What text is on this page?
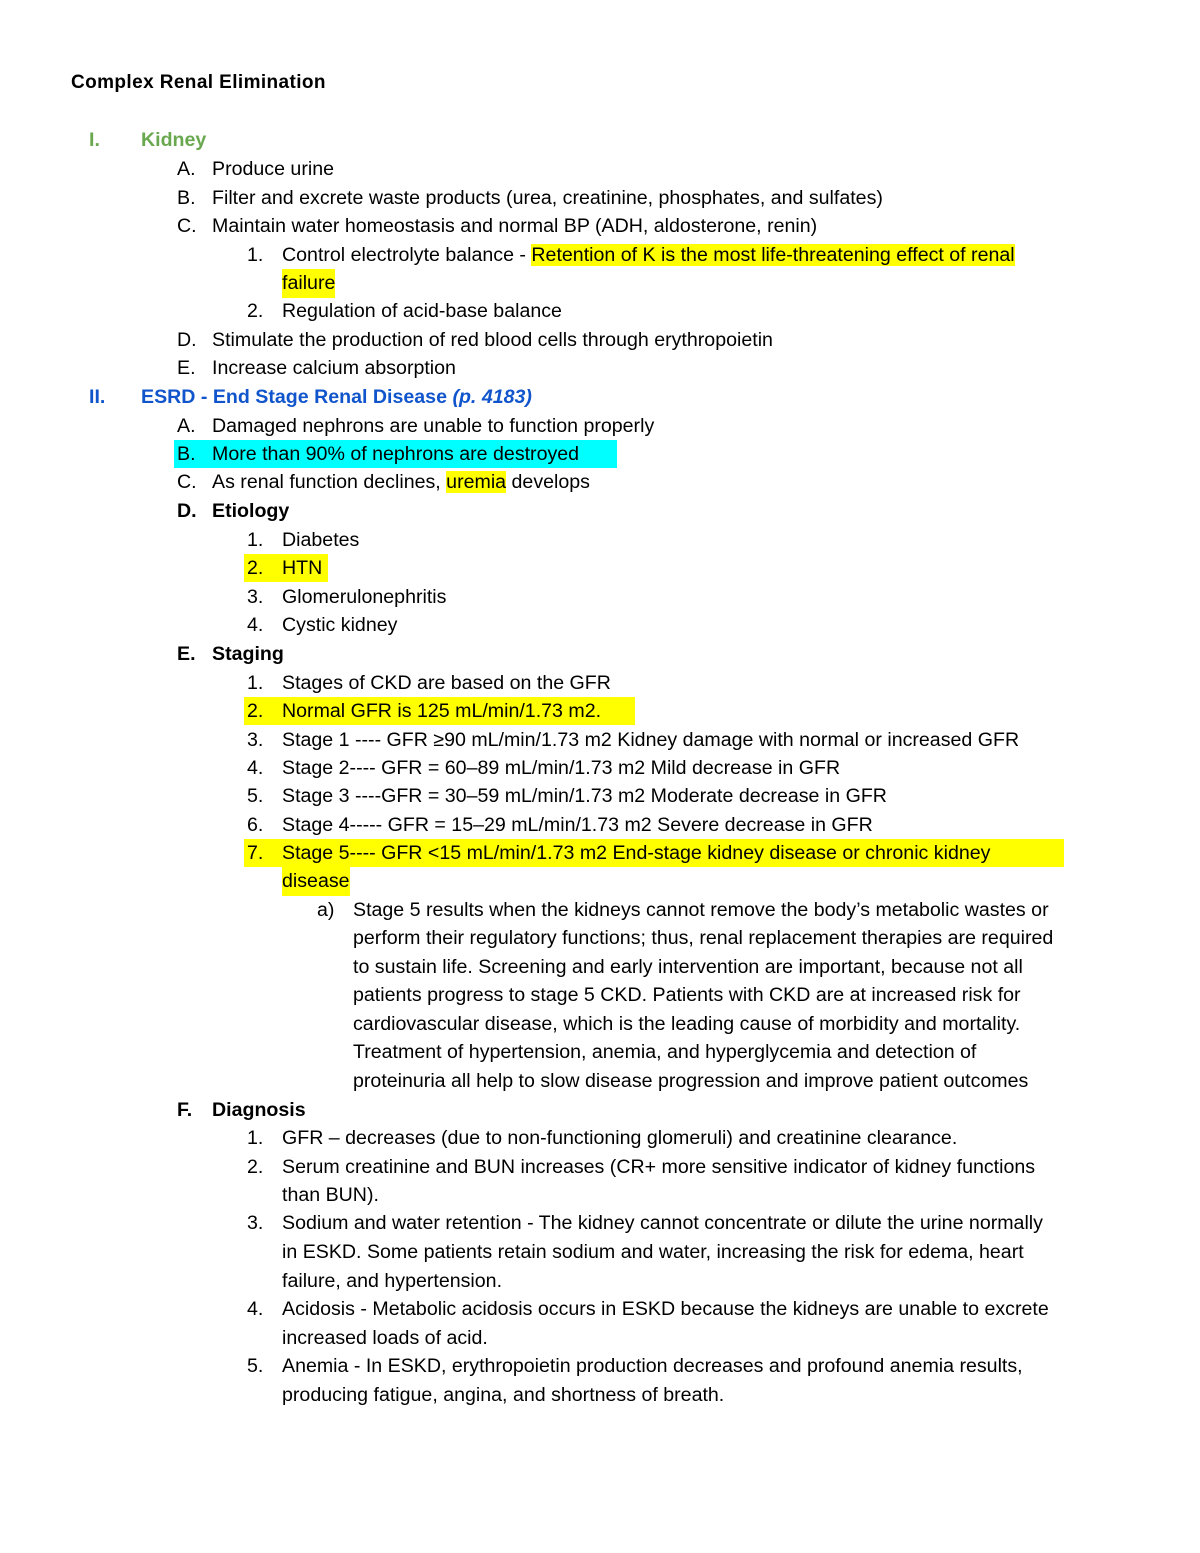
Complex Renal Elimination
I. Kidney
A. Produce urine
B. Filter and excrete waste products (urea, creatinine, phosphates, and sulfates)
C. Maintain water homeostasis and normal BP (ADH, aldosterone, renin)
1. Control electrolyte balance - Retention of K is the most life-threatening effect of renal
failure
2. Regulation of acid-base balance
D. Stimulate the production of red blood cells through erythropoietin
E. Increase calcium absorption
II. ESRD - End Stage Renal Disease (p. 4183)
A. Damaged nephrons are unable to function properly
B. More than 90% of nephrons are destroyed
C. As renal function declines, uremia develops
D. Etiology
1. Diabetes
2. HTN
3. Glomerulonephritis
4. Cystic kidney
E. Staging
1. Stages of CKD are based on the GFR
2. Normal GFR is 125 mL/min/1.73 m2.
3. Stage 1 ---- GFR ≥90 mL/min/1.73 m2 Kidney damage with normal or increased GFR
4. Stage 2---- GFR = 60–89 mL/min/1.73 m2 Mild decrease in GFR
5. Stage 3 ----GFR = 30–59 mL/min/1.73 m2 Moderate decrease in GFR
6. Stage 4----- GFR = 15–29 mL/min/1.73 m2 Severe decrease in GFR
7. Stage 5---- GFR <15 mL/min/1.73 m2 End-stage kidney disease or chronic kidney
disease
a) Stage 5 results when the kidneys cannot remove the body’s metabolic wastes or
perform their regulatory functions; thus, renal replacement therapies are required
to sustain life. Screening and early intervention are important, because not all
patients progress to stage 5 CKD. Patients with CKD are at increased risk for
cardiovascular disease, which is the leading cause of morbidity and mortality.
Treatment of hypertension, anemia, and hyperglycemia and detection of
proteinuria all help to slow disease progression and improve patient outcomes
F. Diagnosis
1. GFR – decreases (due to non-functioning glomeruli) and creatinine clearance.
2. Serum creatinine and BUN increases (CR+ more sensitive indicator of kidney functions
than BUN).
3. Sodium and water retention - The kidney cannot concentrate or dilute the urine normally
in ESKD. Some patients retain sodium and water, increasing the risk for edema, heart
failure, and hypertension.
4. Acidosis - Metabolic acidosis occurs in ESKD because the kidneys are unable to excrete
increased loads of acid.
5. Anemia - In ESKD, erythropoietin production decreases and profound anemia results,
producing fatigue, angina, and shortness of breath.
